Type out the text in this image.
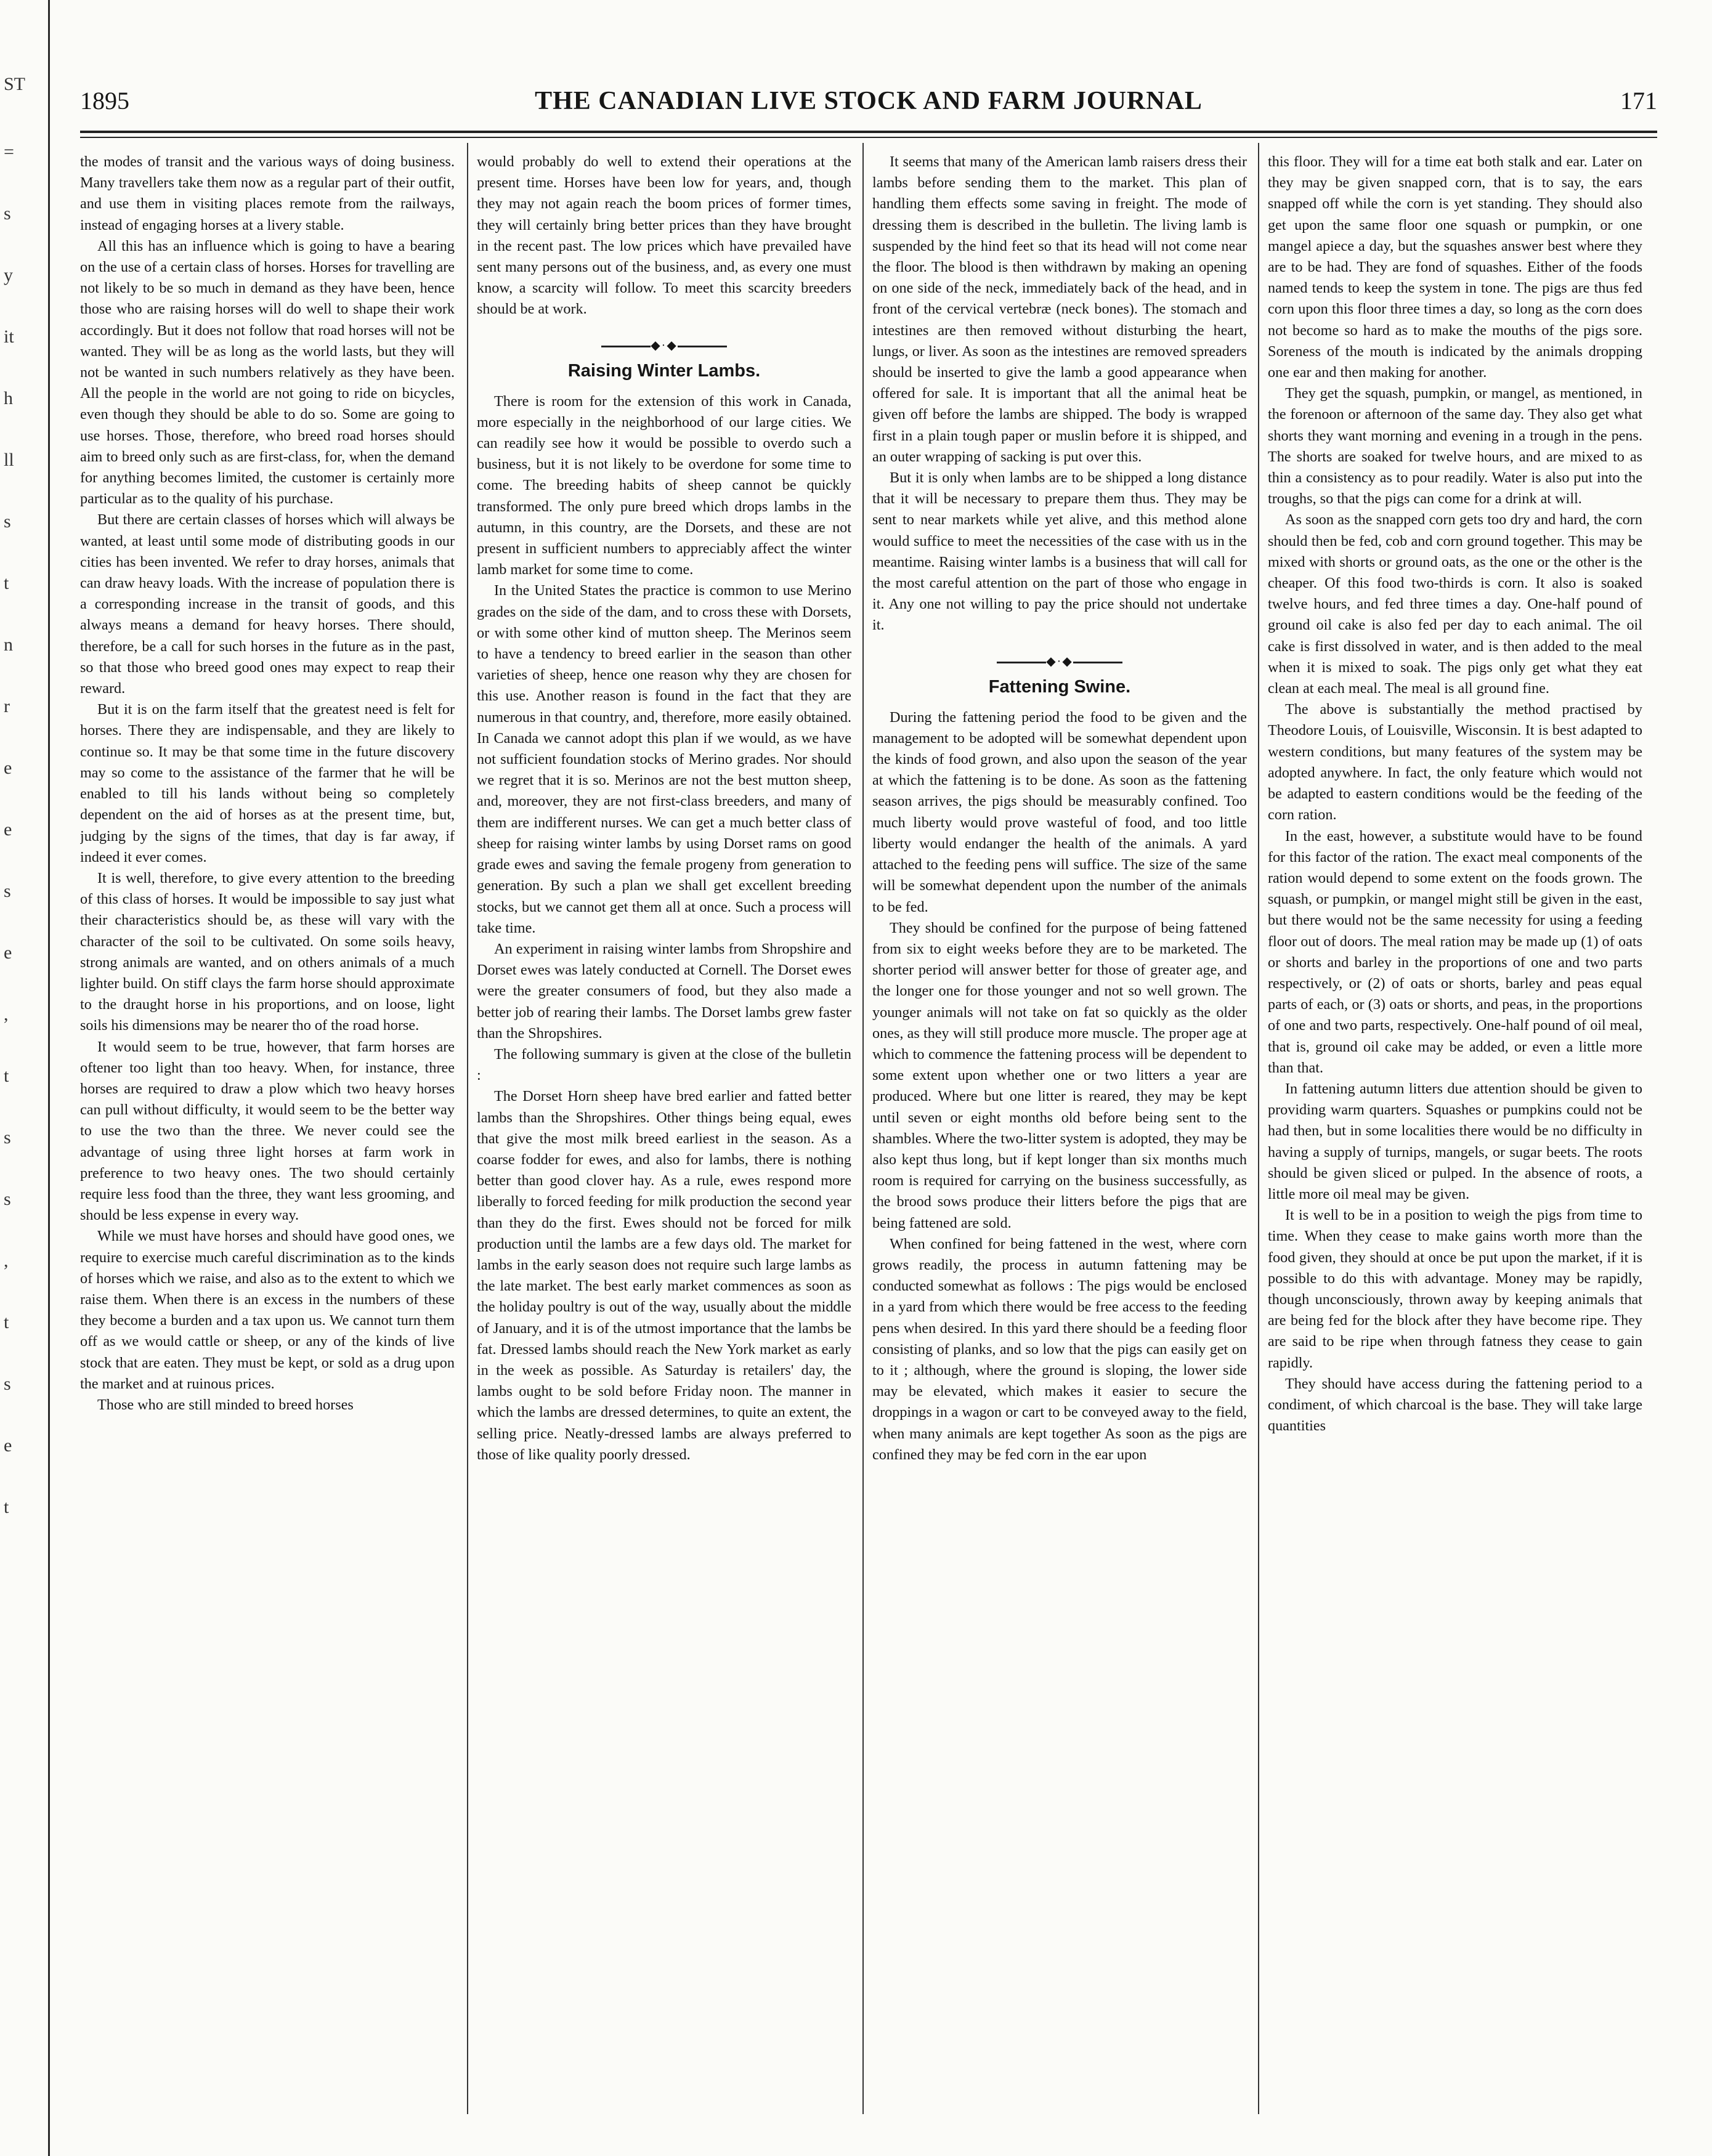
ST
=
s
y
it
h
ll
s
t
n
r
e
e
s
e
,
t
s
s
,
t
s
e
t
1895	THE CANADIAN LIVE STOCK AND FARM JOURNAL	171

the modes of transit and the various ways of doing business. Many travellers take them now as a regular part of their outfit, and use them in visiting places remote from the railways, instead of engaging horses at a livery stable.

All this has an influence which is going to have a bearing on the use of a certain class of horses. Horses for travelling are not likely to be so much in demand as they have been, hence those who are raising horses will do well to shape their work accordingly. But it does not follow that road horses will not be wanted. They will be as long as the world lasts, but they will not be wanted in such numbers relatively as they have been. All the people in the world are not going to ride on bicycles, even though they should be able to do so. Some are going to use horses. Those, therefore, who breed road horses should aim to breed only such as are first-class, for, when the demand for anything becomes limited, the customer is certainly more particular as to the quality of his purchase.

But there are certain classes of horses which will always be wanted, at least until some mode of distributing goods in our cities has been invented. We refer to dray horses, animals that can draw heavy loads. With the increase of population there is a corresponding increase in the transit of goods, and this always means a demand for heavy horses. There should, therefore, be a call for such horses in the future as in the past, so that those who breed good ones may expect to reap their reward.

But it is on the farm itself that the greatest need is felt for horses. There they are indispensable, and they are likely to continue so. It may be that some time in the future discovery may so come to the assistance of the farmer that he will be enabled to till his lands without being so completely dependent on the aid of horses as at the present time, but, judging by the signs of the times, that day is far away, if indeed it ever comes.

It is well, therefore, to give every attention to the breeding of this class of horses. It would be impossible to say just what their characteristics should be, as these will vary with the character of the soil to be cultivated. On some soils heavy, strong animals are wanted, and on others animals of a much lighter build. On stiff clays the farm horse should approximate to the draught horse in his proportions, and on loose, light soils his dimensions may be nearer tho of the road horse.

It would seem to be true, however, that farm horses are oftener too light than too heavy. When, for instance, three horses are required to draw a plow which two heavy horses can pull without difficulty, it would seem to be the better way to use the two than the three. We never could see the advantage of using three light horses at farm work in preference to two heavy ones. The two should certainly require less food than the three, they want less grooming, and should be less expense in every way.

While we must have horses and should have good ones, we require to exercise much careful discrimination as to the kinds of horses which we raise, and also as to the extent to which we raise them. When there is an excess in the numbers of these they become a burden and a tax upon us. We cannot turn them off as we would cattle or sheep, or any of the kinds of live stock that are eaten. They must be kept, or sold as a drug upon the market and at ruinous prices.

Those who are still minded to breed horses

would probably do well to extend their operations at the present time. Horses have been low for years, and, though they may not again reach the boom prices of former times, they will certainly bring better prices than they have brought in the recent past. The low prices which have prevailed have sent many persons out of the business, and, as every one must know, a scarcity will follow. To meet this scarcity breeders should be at work.

◆·◆
Raising Winter Lambs.

There is room for the extension of this work in Canada, more especially in the neighborhood of our large cities. We can readily see how it would be possible to overdo such a business, but it is not likely to be overdone for some time to come. The breeding habits of sheep cannot be quickly transformed. The only pure breed which drops lambs in the autumn, in this country, are the Dorsets, and these are not present in sufficient numbers to appreciably affect the winter lamb market for some time to come.

In the United States the practice is common to use Merino grades on the side of the dam, and to cross these with Dorsets, or with some other kind of mutton sheep. The Merinos seem to have a tendency to breed earlier in the season than other varieties of sheep, hence one reason why they are chosen for this use. Another reason is found in the fact that they are numerous in that country, and, therefore, more easily obtained. In Canada we cannot adopt this plan if we would, as we have not sufficient foundation stocks of Merino grades. Nor should we regret that it is so. Merinos are not the best mutton sheep, and, moreover, they are not first-class breeders, and many of them are indifferent nurses. We can get a much better class of sheep for raising winter lambs by using Dorset rams on good grade ewes and saving the female progeny from generation to generation. By such a plan we shall get excellent breeding stocks, but we cannot get them all at once. Such a process will take time.

An experiment in raising winter lambs from Shropshire and Dorset ewes was lately conducted at Cornell. The Dorset ewes were the greater consumers of food, but they also made a better job of rearing their lambs. The Dorset lambs grew faster than the Shropshires.

The following summary is given at the close of the bulletin :

The Dorset Horn sheep have bred earlier and fatted better lambs than the Shropshires. Other things being equal, ewes that give the most milk breed earliest in the season. As a coarse fodder for ewes, and also for lambs, there is nothing better than good clover hay. As a rule, ewes respond more liberally to forced feeding for milk production the second year than they do the first. Ewes should not be forced for milk production until the lambs are a few days old. The market for lambs in the early season does not require such large lambs as the late market. The best early market commences as soon as the holiday poultry is out of the way, usually about the middle of January, and it is of the utmost importance that the lambs be fat. Dressed lambs should reach the New York market as early in the week as possible. As Saturday is retailers' day, the lambs ought to be sold before Friday noon. The manner in which the lambs are dressed determines, to quite an extent, the selling price. Neatly-dressed lambs are always preferred to those of like quality poorly dressed.

It seems that many of the American lamb raisers dress their lambs before sending them to the market. This plan of handling them effects some saving in freight. The mode of dressing them is described in the bulletin. The living lamb is suspended by the hind feet so that its head will not come near the floor. The blood is then withdrawn by making an opening on one side of the neck, immediately back of the head, and in front of the cervical vertebræ (neck bones). The stomach and intestines are then removed without disturbing the heart, lungs, or liver. As soon as the intestines are removed spreaders should be inserted to give the lamb a good appearance when offered for sale. It is important that all the animal heat be given off before the lambs are shipped. The body is wrapped first in a plain tough paper or muslin before it is shipped, and an outer wrapping of sacking is put over this.

But it is only when lambs are to be shipped a long distance that it will be necessary to prepare them thus. They may be sent to near markets while yet alive, and this method alone would suffice to meet the necessities of the case with us in the meantime. Raising winter lambs is a business that will call for the most careful attention on the part of those who engage in it. Any one not willing to pay the price should not undertake it.

◆·◆
Fattening Swine.

During the fattening period the food to be given and the management to be adopted will be somewhat dependent upon the kinds of food grown, and also upon the season of the year at which the fattening is to be done. As soon as the fattening season arrives, the pigs should be measurably confined. Too much liberty would prove wasteful of food, and too little liberty would endanger the health of the animals. A yard attached to the feeding pens will suffice. The size of the same will be somewhat dependent upon the number of the animals to be fed.

They should be confined for the purpose of being fattened from six to eight weeks before they are to be marketed. The shorter period will answer better for those of greater age, and the longer one for those younger and not so well grown. The younger animals will not take on fat so quickly as the older ones, as they will still produce more muscle. The proper age at which to commence the fattening process will be dependent to some extent upon whether one or two litters a year are produced. Where but one litter is reared, they may be kept until seven or eight months old before being sent to the shambles. Where the two-litter system is adopted, they may be also kept thus long, but if kept longer than six months much room is required for carrying on the business successfully, as the brood sows produce their litters before the pigs that are being fattened are sold.

When confined for being fattened in the west, where corn grows readily, the process in autumn fattening may be conducted somewhat as follows : The pigs would be enclosed in a yard from which there would be free access to the feeding pens when desired. In this yard there should be a feeding floor consisting of planks, and so low that the pigs can easily get on to it ; although, where the ground is sloping, the lower side may be elevated, which makes it easier to secure the droppings in a wagon or cart to be conveyed away to the field, when many animals are kept together As soon as the pigs are confined they may be fed corn in the ear upon

this floor. They will for a time eat both stalk and ear. Later on they may be given snapped corn, that is to say, the ears snapped off while the corn is yet standing. They should also get upon the same floor one squash or pumpkin, or one mangel apiece a day, but the squashes answer best where they are to be had. They are fond of squashes. Either of the foods named tends to keep the system in tone. The pigs are thus fed corn upon this floor three times a day, so long as the corn does not become so hard as to make the mouths of the pigs sore. Soreness of the mouth is indicated by the animals dropping one ear and then making for another.

They get the squash, pumpkin, or mangel, as mentioned, in the forenoon or afternoon of the same day. They also get what shorts they want morning and evening in a trough in the pens. The shorts are soaked for twelve hours, and are mixed to as thin a consistency as to pour readily. Water is also put into the troughs, so that the pigs can come for a drink at will.

As soon as the snapped corn gets too dry and hard, the corn should then be fed, cob and corn ground together. This may be mixed with shorts or ground oats, as the one or the other is the cheaper. Of this food two-thirds is corn. It also is soaked twelve hours, and fed three times a day. One-half pound of ground oil cake is also fed per day to each animal. The oil cake is first dissolved in water, and is then added to the meal when it is mixed to soak. The pigs only get what they eat clean at each meal. The meal is all ground fine.

The above is substantially the method practised by Theodore Louis, of Louisville, Wisconsin. It is best adapted to western conditions, but many features of the system may be adopted anywhere. In fact, the only feature which would not be adapted to eastern conditions would be the feeding of the corn ration.

In the east, however, a substitute would have to be found for this factor of the ration. The exact meal components of the ration would depend to some extent on the foods grown. The squash, or pumpkin, or mangel might still be given in the east, but there would not be the same necessity for using a feeding floor out of doors. The meal ration may be made up (1) of oats or shorts and barley in the proportions of one and two parts respectively, or (2) of oats or shorts, barley and peas equal parts of each, or (3) oats or shorts, and peas, in the proportions of one and two parts, respectively. One-half pound of oil meal, that is, ground oil cake may be added, or even a little more than that.

In fattening autumn litters due attention should be given to providing warm quarters. Squashes or pumpkins could not be had then, but in some localities there would be no difficulty in having a supply of turnips, mangels, or sugar beets. The roots should be given sliced or pulped. In the absence of roots, a little more oil meal may be given.

It is well to be in a position to weigh the pigs from time to time. When they cease to make gains worth more than the food given, they should at once be put upon the market, if it is possible to do this with advantage. Money may be rapidly, though unconsciously, thrown away by keeping animals that are being fed for the block after they have become ripe. They are said to be ripe when through fatness they cease to gain rapidly.

They should have access during the fattening period to a condiment, of which charcoal is the base. They will take large quantities
